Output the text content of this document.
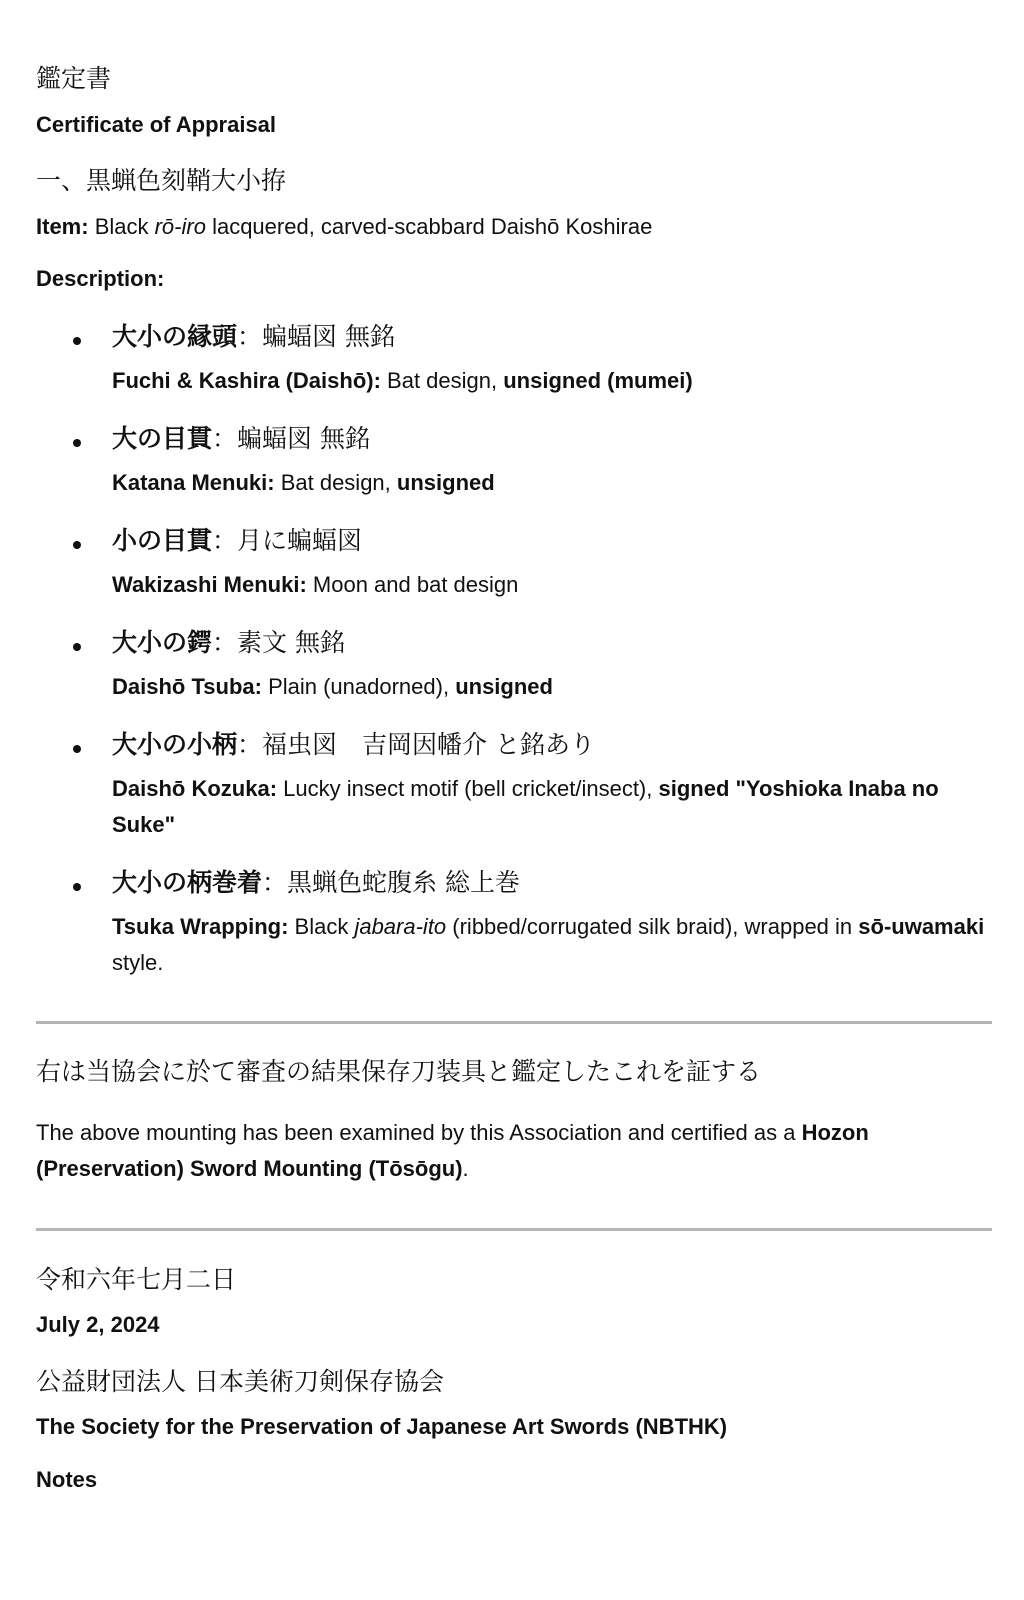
鑑定書
Certificate of Appraisal
一、黒蝋色刻鞘大小拵
Item: Black rō-iro lacquered, carved-scabbard Daishō Koshirae
Description:
大小の縁頭：蝙蝠図 無銘
Fuchi & Kashira (Daishō): Bat design, unsigned (mumei)
大の目貫：蝙蝠図 無銘
Katana Menuki: Bat design, unsigned
小の目貫：月に蝙蝠図
Wakizashi Menuki: Moon and bat design
大小の鍔：素文 無銘
Daishō Tsuba: Plain (unadorned), unsigned
大小の小柄：福虫図　吉岡因幡介 と銘あり
Daishō Kozuka: Lucky insect motif (bell cricket/insect), signed "Yoshioka Inaba no Suke"
大小の柄巻着：黒蝋色蛇腹糸 総上巻
Tsuka Wrapping: Black jabara-ito (ribbed/corrugated silk braid), wrapped in sō-uwamaki style.
右は当協会に於て審査の結果保存刀装具と鑑定したこれを証する
The above mounting has been examined by this Association and certified as a Hozon (Preservation) Sword Mounting (Tōsōgu).
令和六年七月二日
July 2, 2024
公益財団法人 日本美術刀剣保存協会
The Society for the Preservation of Japanese Art Swords (NBTHK)
Notes
